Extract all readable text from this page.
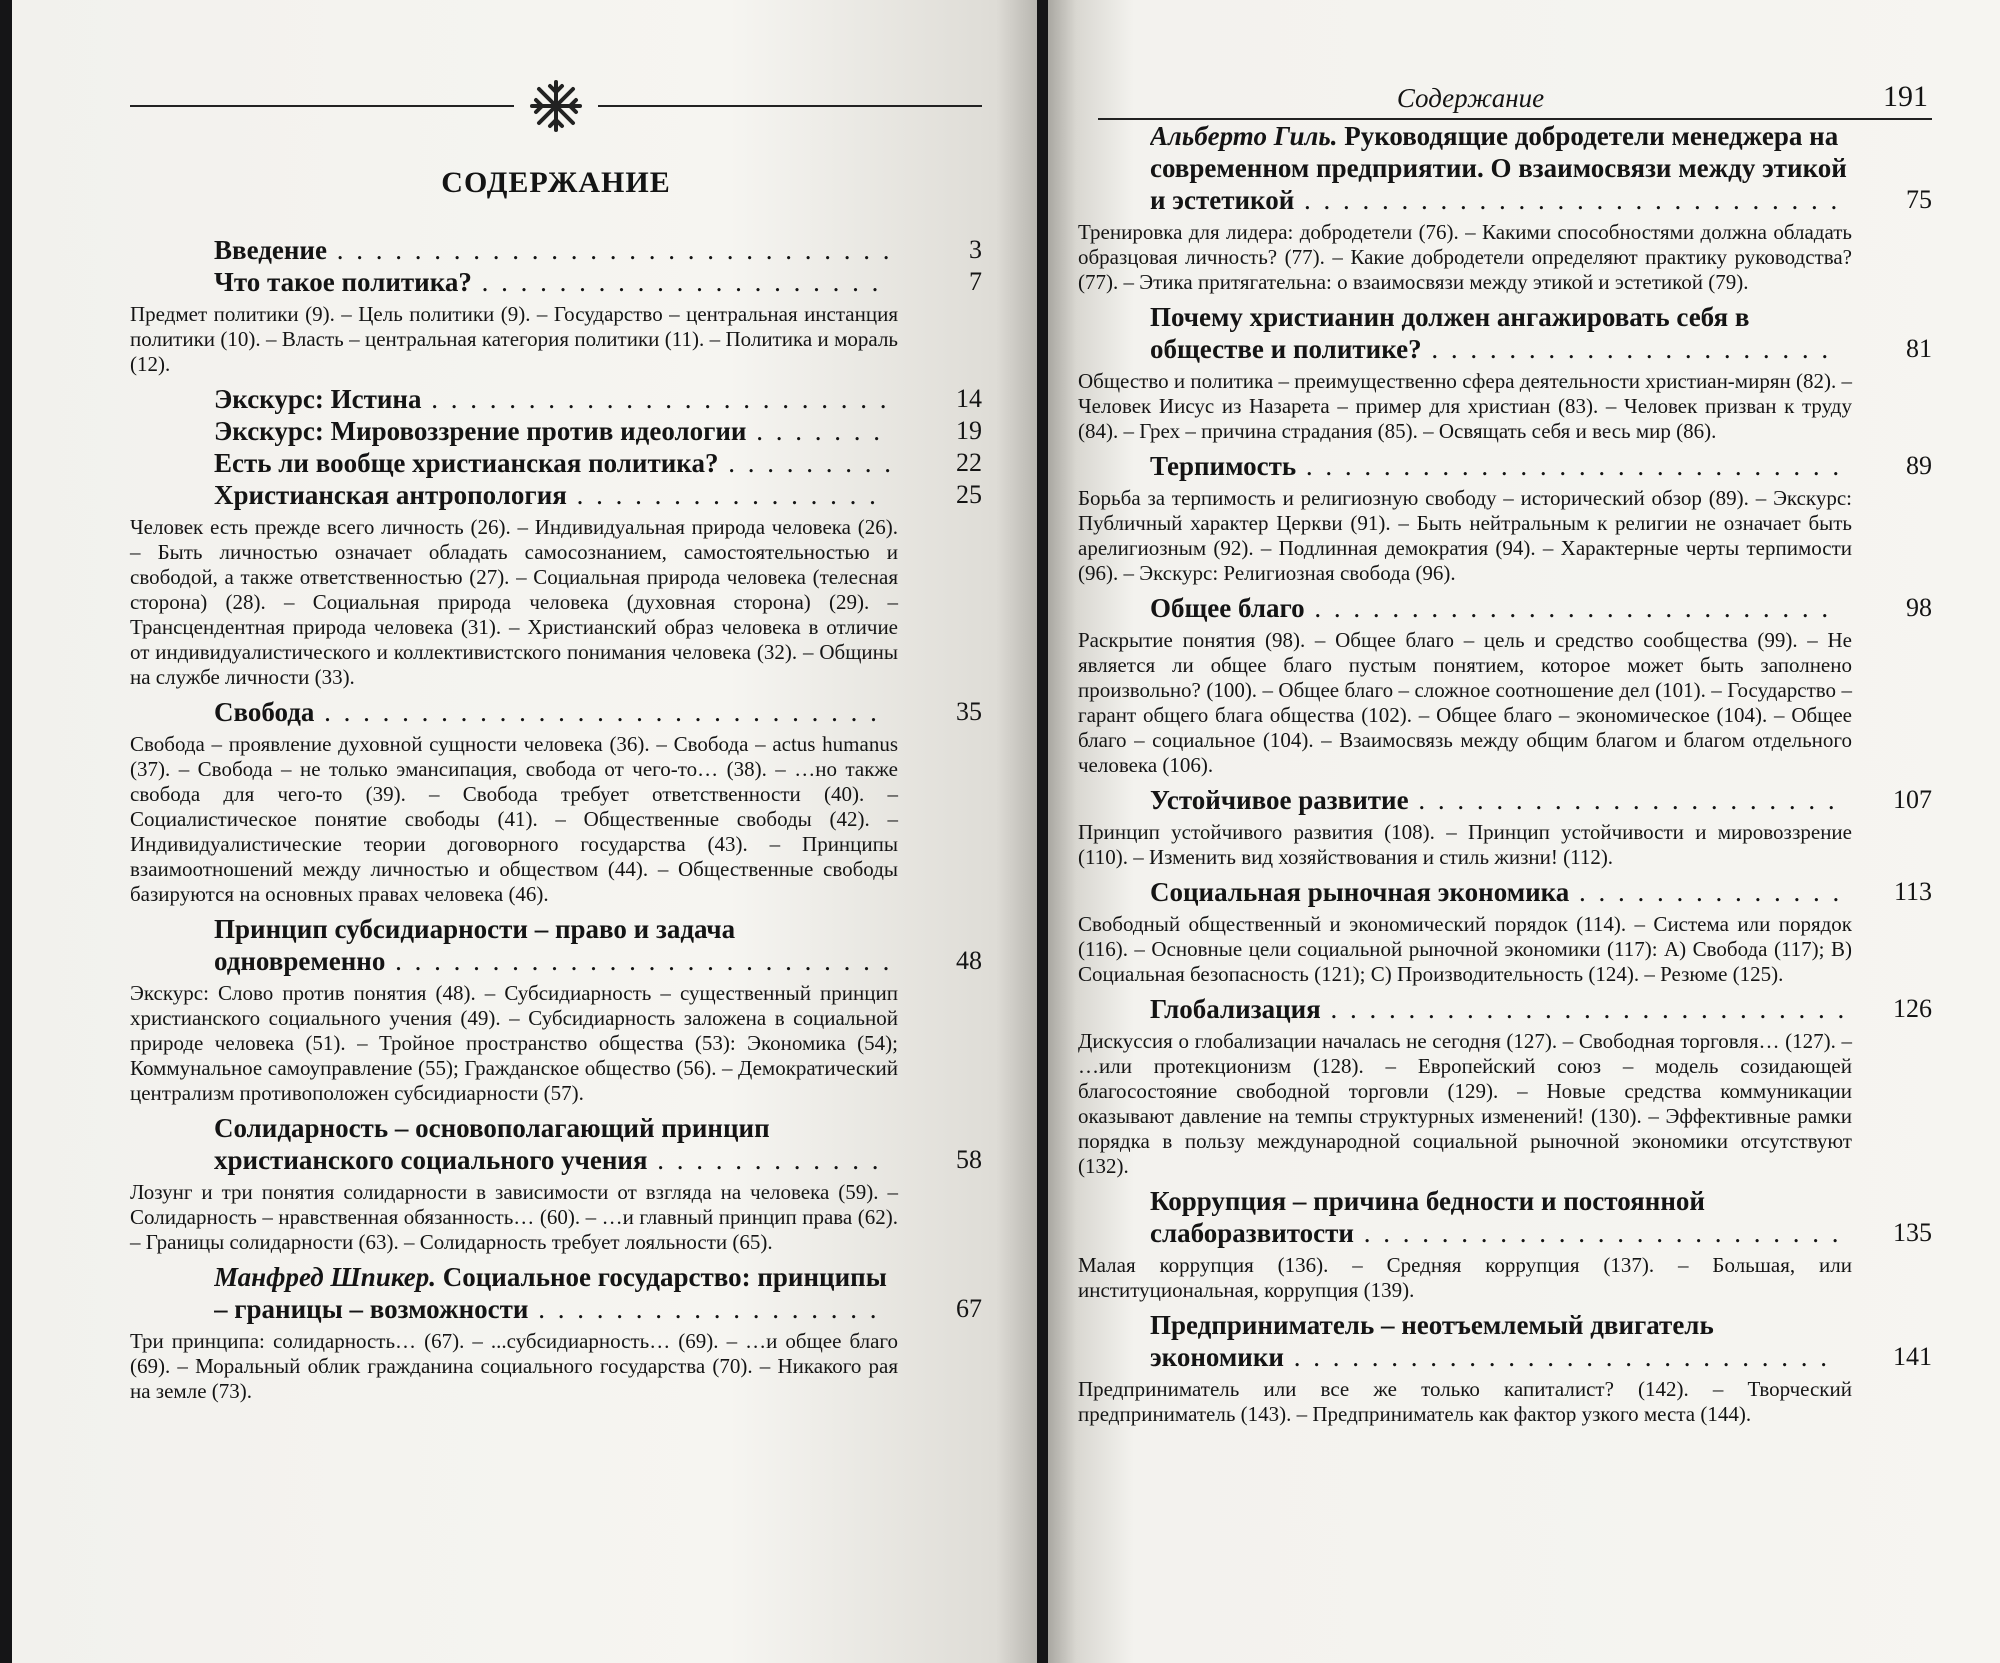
СОДЕРЖАНИЕ
Введение . . . . . . . . . . . . . . . . . . . . . . . . . . . . .	3
Что такое политика? . . . . . . . . . . . . . . . . . . . . .	7
Предмет политики (9). – Цель политики (9). – Государство – центральная инстанция политики (10). – Власть – центральная категория политики (11). – Политика и мораль (12).
Экскурс: Истина . . . . . . . . . . . . . . . . . . . . . . . .	14
Экскурс: Мировоззрение против идеологии . . . . . . .	19
Есть ли вообще христианская политика? . . . . . . . . .	22
Христианская антропология . . . . . . . . . . . . . . . .	25
Человек есть прежде всего личность (26). – Индивидуальная природа человека (26). – Быть личностью означает обладать самосознанием, самостоятельностью и свободой, а также ответственностью (27). – Социальная природа человека (телесная сторона) (28). – Социальная природа человека (духовная сторона) (29). – Трансцендентная природа человека (31). – Христианский образ человека в отличие от индивидуалистического и коллективистского понимания человека (32). – Общины на службе личности (33).
Свобода . . . . . . . . . . . . . . . . . . . . . . . . . . . . .	35
Свобода – проявление духовной сущности человека (36). – Свобода – actus humanus (37). – Свобода – не только эмансипация, свобода от чего-то… (38). – …но также свобода для чего-то (39). – Свобода требует ответственности (40). – Социалистическое понятие свободы (41). – Общественные свободы (42). – Индивидуалистические теории договорного государства (43). – Принципы взаимоотношений между личностью и обществом (44). – Общественные свободы базируются на основных правах человека (46).
Принцип субсидиарности – право и задача одновременно . . . . . . . . . . . . . . . . . . . . . . . . . .	48
Экскурс: Слово против понятия (48). – Субсидиарность – существенный принцип христианского социального учения (49). – Субсидиарность заложена в социальной природе человека (51). – Тройное пространство общества (53): Экономика (54); Коммунальное самоуправление (55); Гражданское общество (56). – Демократический централизм противоположен субсидиарности (57).
Солидарность – основополагающий принцип христианского социального учения . . . . . . . . . . . .	58
Лозунг и три понятия солидарности в зависимости от взгляда на человека (59). – Солидарность – нравственная обязанность… (60). – …и главный принцип права (62). – Границы солидарности (63). – Солидарность требует лояльности (65).
Манфред Шпикер. Социальное государство: принципы – границы – возможности . . . . . . . . . . . . . . . . . .	67
Три принципа: солидарность… (67). – ...субсидиарность… (69). – …и общее благо (69). – Моральный облик гражданина социального государства (70). – Никакого рая на земле (73).
Содержание	191
Альберто Гиль. Руководящие добродетели менеджера на современном предприятии. О взаимосвязи между этикой и эстетикой . . . . . . . . . . . . . . . . . . . . . . . . . . . .	75
Тренировка для лидера: добродетели (76). – Какими способностями должна обладать образцовая личность? (77). – Какие добродетели определяют практику руководства? (77). – Этика притягательна: о взаимосвязи между этикой и эстетикой (79).
Почему христианин должен ангажировать себя в обществе и политике? . . . . . . . . . . . . . . . . . . . . .	81
Общество и политика – преимущественно сфера деятельности христиан-мирян (82). – Человек Иисус из Назарета – пример для христиан (83). – Человек призван к труду (84). – Грех – причина страдания (85). – Освящать себя и весь мир (86).
Терпимость . . . . . . . . . . . . . . . . . . . . . . . . . . . .	89
Борьба за терпимость и религиозную свободу – исторический обзор (89). – Экскурс: Публичный характер Церкви (91). – Быть нейтральным к религии не означает быть арелигиозным (92). – Подлинная демократия (94). – Характерные черты терпимости (96). – Экскурс: Религиозная свобода (96).
Общее благо . . . . . . . . . . . . . . . . . . . . . . . . . . .	98
Раскрытие понятия (98). – Общее благо – цель и средство сообщества (99). – Не является ли общее благо пустым понятием, которое может быть заполнено произвольно? (100). – Общее благо – сложное соотношение дел (101). – Государство – гарант общего блага общества (102). – Общее благо – экономическое (104). – Общее благо – социальное (104). – Взаимосвязь между общим благом и благом отдельного человека (106).
Устойчивое развитие . . . . . . . . . . . . . . . . . . . . . .	107
Принцип устойчивого развития (108). – Принцип устойчивости и мировоззрение (110). – Изменить вид хозяйствования и стиль жизни! (112).
Социальная рыночная экономика . . . . . . . . . . . . . .	113
Свободный общественный и экономический порядок (114). – Система или порядок (116). – Основные цели социальной рыночной экономики (117): A) Свобода (117); B) Социальная безопасность (121); C) Производительность (124). – Резюме (125).
Глобализация . . . . . . . . . . . . . . . . . . . . . . . . . . .	126
Дискуссия о глобализации началась не сегодня (127). – Свободная торговля… (127). – …или протекционизм (128). – Европейский союз – модель созидающей благосостояние свободной торговли (129). – Новые средства коммуникации оказывают давление на темпы структурных изменений! (130). – Эффективные рамки порядка в пользу международной социальной рыночной экономики отсутствуют (132).
Коррупция – причина бедности и постоянной слаборазвитости . . . . . . . . . . . . . . . . . . . . . . . . .	135
Малая коррупция (136). – Средняя коррупция (137). – Большая, или институциональная, коррупция (139).
Предприниматель – неотъемлемый двигатель экономики . . . . . . . . . . . . . . . . . . . . . . . . . . . .	141
Предприниматель или все же только капиталист? (142). – Творческий предприниматель (143). – Предприниматель как фактор узкого места (144).
